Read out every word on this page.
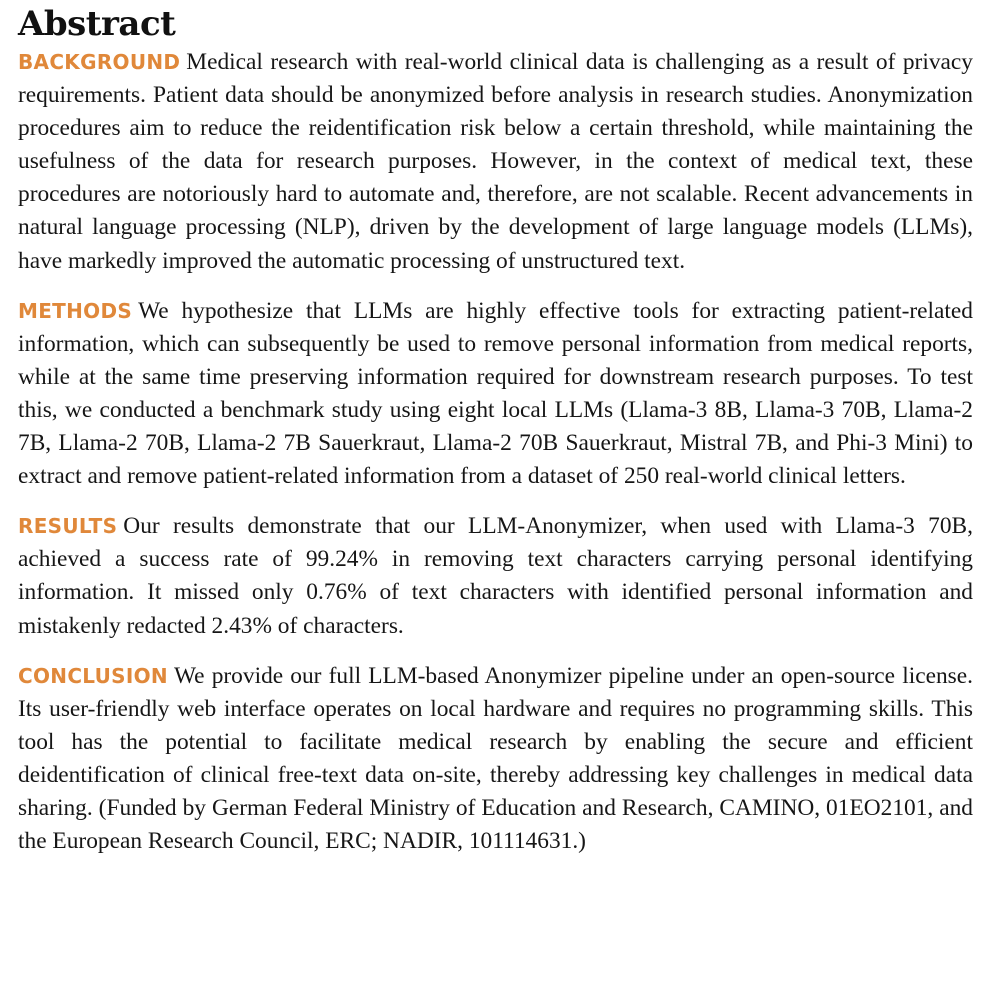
Abstract

BACKGROUND Medical research with real-world clinical data is challenging as a result of privacy requirements. Patient data should be anonymized before analysis in research studies. Anonymization procedures aim to reduce the reidentification risk below a certain threshold, while maintaining the usefulness of the data for research purposes. However, in the context of medical text, these procedures are notoriously hard to automate and, therefore, are not scalable. Recent advancements in natural language processing (NLP), driven by the development of large language models (LLMs), have markedly improved the automatic processing of unstructured text.

METHODS We hypothesize that LLMs are highly effective tools for extracting patient-related information, which can subsequently be used to remove personal information from medical reports, while at the same time preserving information required for downstream research purposes. To test this, we conducted a benchmark study using eight local LLMs (Llama-3 8B, Llama-3 70B, Llama-2 7B, Llama-2 70B, Llama-2 7B Sauerkraut, Llama-2 70B Sauerkraut, Mistral 7B, and Phi-3 Mini) to extract and remove patient-related information from a dataset of 250 real-world clinical letters.

RESULTS Our results demonstrate that our LLM-Anonymizer, when used with Llama-3 70B, achieved a success rate of 99.24% in removing text characters carrying personal identifying information. It missed only 0.76% of text characters with identified personal information and mistakenly redacted 2.43% of characters.

CONCLUSION We provide our full LLM-based Anonymizer pipeline under an open-source license. Its user-friendly web interface operates on local hardware and requires no programming skills. This tool has the potential to facilitate medical research by enabling the secure and efficient deidentification of clinical free-text data on-site, thereby addressing key challenges in medical data sharing. (Funded by German Federal Ministry of Education and Research, CAMINO, 01EO2101, and the European Research Council, ERC; NADIR, 101114631.)
